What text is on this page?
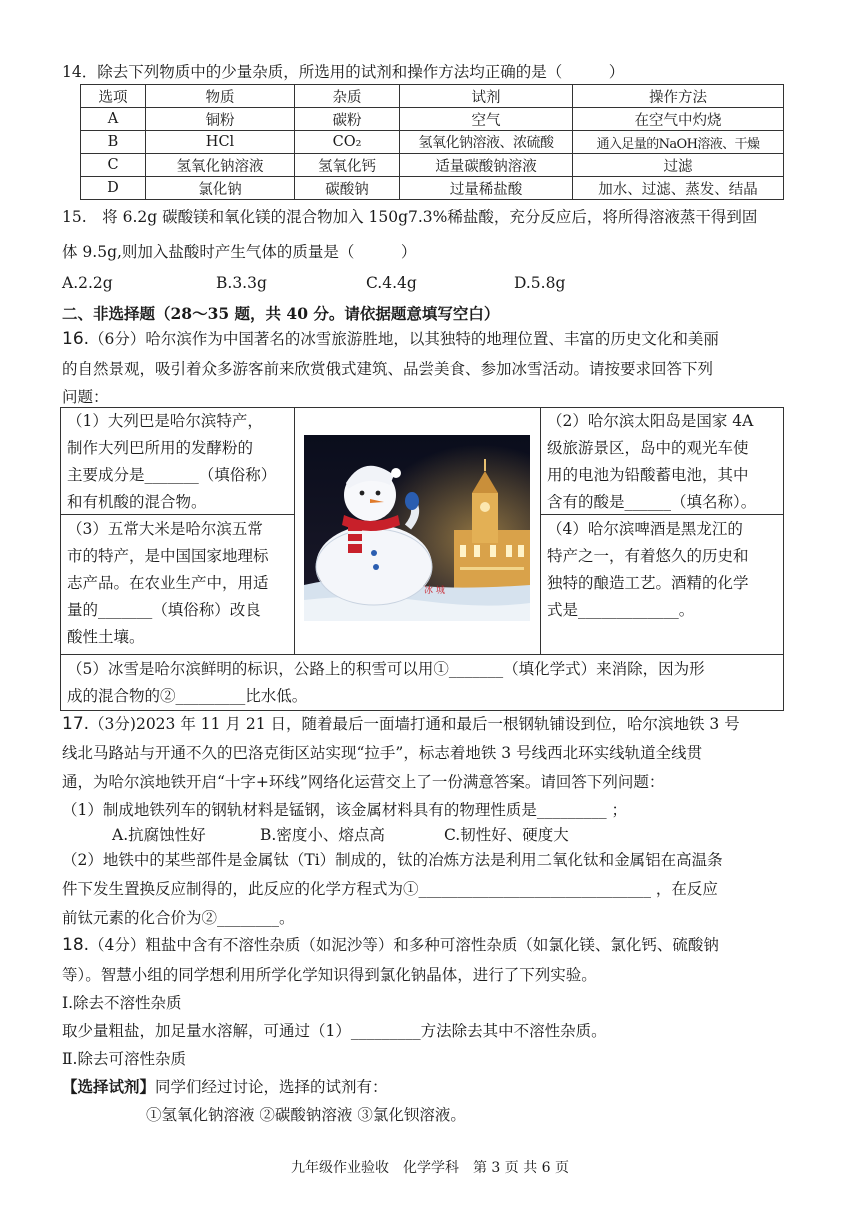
14．除去下列物质中的少量杂质，所选用的试剂和操作方法均正确的是（　　　）
选项	物质	杂质	试剂	操作方法
A	铜粉	碳粉	空气	在空气中灼烧
B	HCl	CO₂	氢氧化钠溶液、浓硫酸	通入足量的NaOH溶液、干燥
C	氢氧化钠溶液	氢氧化钙	适量碳酸钠溶液	过滤
D	氯化钠	碳酸钠	过量稀盐酸	加水、过滤、蒸发、结晶
15.　将 6.2g 碳酸镁和氧化镁的混合物加入 150g7.3%稀盐酸，充分反应后，将所得溶液蒸干得到固
体 9.5g,则加入盐酸时产生气体的质量是（　　　）
A.2.2g	B.3.3g	C.4.4g	D.5.8g
二、非选择题（28～35 题，共 40 分。请依据题意填写空白）
16.（6分）哈尔滨作为中国著名的冰雪旅游胜地，以其独特的地理位置、丰富的历史文化和美丽
的自然景观，吸引着众多游客前来欣赏俄式建筑、品尝美食、参加冰雪活动。请按要求回答下列
问题：
（1）大列巴是哈尔滨特产，
制作大列巴所用的发酵粉的
主要成分是_______（填俗称）
和有机酸的混合物。
（2）哈尔滨太阳岛是国家 4A
级旅游景区，岛中的观光车使
用的电池为铅酸蓄电池，其中
含有的酸是______（填名称）。
（3）五常大米是哈尔滨五常
市的特产，是中国国家地理标
志产品。在农业生产中，用适
量的_______（填俗称）改良
酸性土壤。
（4）哈尔滨啤酒是黑龙江的
特产之一，有着悠久的历史和
独特的酿造工艺。酒精的化学
式是_____________。
（5）冰雪是哈尔滨鲜明的标识，公路上的积雪可以用①_______（填化学式）来消除，因为形
成的混合物的②_________比水低。
冰 城
17.（3分)2023 年 11 月 21 日，随着最后一面墙打通和最后一根钢轨铺设到位，哈尔滨地铁 3 号
线北马路站与开通不久的巴洛克街区站实现“拉手”，标志着地铁 3 号线西北环实线轨道全线贯
通，为哈尔滨地铁开启“十字+环线”网络化运营交上了一份满意答案。请回答下列问题：
（1）制成地铁列车的钢轨材料是锰钢，该金属材料具有的物理性质是_________ ；
A.抗腐蚀性好	B.密度小、熔点高	C.韧性好、硬度大
（2）地铁中的某些部件是金属钛（Ti）制成的，钛的冶炼方法是利用二氧化钛和金属铝在高温条
件下发生置换反应制得的，此反应的化学方程式为①______________________________ ，在反应
前钛元素的化合价为②________。
18.（4分）粗盐中含有不溶性杂质（如泥沙等）和多种可溶性杂质（如氯化镁、氯化钙、硫酸钠
等）。智慧小组的同学想利用所学化学知识得到氯化钠晶体，进行了下列实验。
Ⅰ.除去不溶性杂质
取少量粗盐，加足量水溶解，可通过（1）_________方法除去其中不溶性杂质。
Ⅱ.除去可溶性杂质
【选择试剂】同学们经过讨论，选择的试剂有：
①氢氧化钠溶液 ②碳酸钠溶液 ③氯化钡溶液。
九年级作业验收　化学学科　第 3 页 共 6 页
